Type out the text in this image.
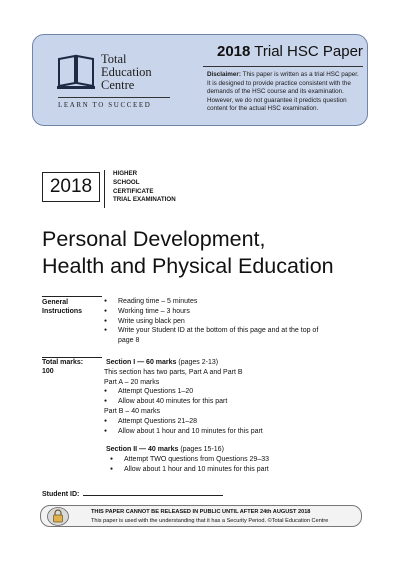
Total
Education
Centre
LEARN TO SUCCEED
2018 Trial HSC Paper
Disclaimer: This paper is written as a trial HSC paper. It is designed to provide practice consistent with the demands of the HSC course and its examination. However, we do not guarantee it predicts question content for the actual HSC examination.
2018
HIGHER
SCHOOL
CERTIFICATE
TRIAL EXAMINATION
Personal Development,
Health and Physical Education
General
Instructions
● Reading time – 5 minutes
● Working time – 3 hours
● Write using black pen
● Write your Student ID at the bottom of this page and at the top of page 8
Total marks:
100
Section I — 60 marks (pages 2-13)
This section has two parts, Part A and Part B
Part A – 20 marks
● Attempt Questions 1–20
● Allow about 40 minutes for this part
Part B – 40 marks
● Attempt Questions 21–28
● Allow about 1 hour and 10 minutes for this part
Section II — 40 marks (pages 15-16)
● Attempt TWO questions from Questions 29–33
● Allow about 1 hour and 10 minutes for this part
Student ID:
THIS PAPER CANNOT BE RELEASED IN PUBLIC UNTIL AFTER 24th AUGUST 2018
This paper is used with the understanding that it has a Security Period. ©Total Education Centre
